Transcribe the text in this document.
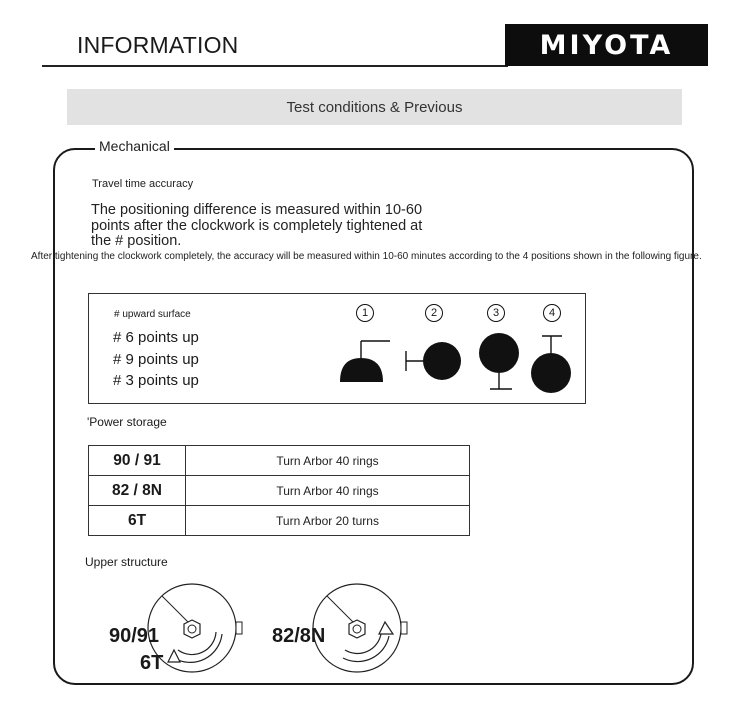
INFORMATION	MIYOTA
Test conditions & Previous
Mechanical
Travel time accuracy
The positioning difference is measured within 10-60 points after the clockwork is completely tightened at the # position.
After tightening the clockwork completely, the accuracy will be measured within 10-60 minutes according to the 4 positions shown in the following figure.
# upward surface
# 6 points up
# 9 points up
# 3 points up
1	2	3	4
'Power storage
90 / 91	Turn Arbor 40 rings
82 / 8N	Turn Arbor 40 rings
6T	Turn Arbor 20 turns
Upper structure
90/91
6T
82/8N
